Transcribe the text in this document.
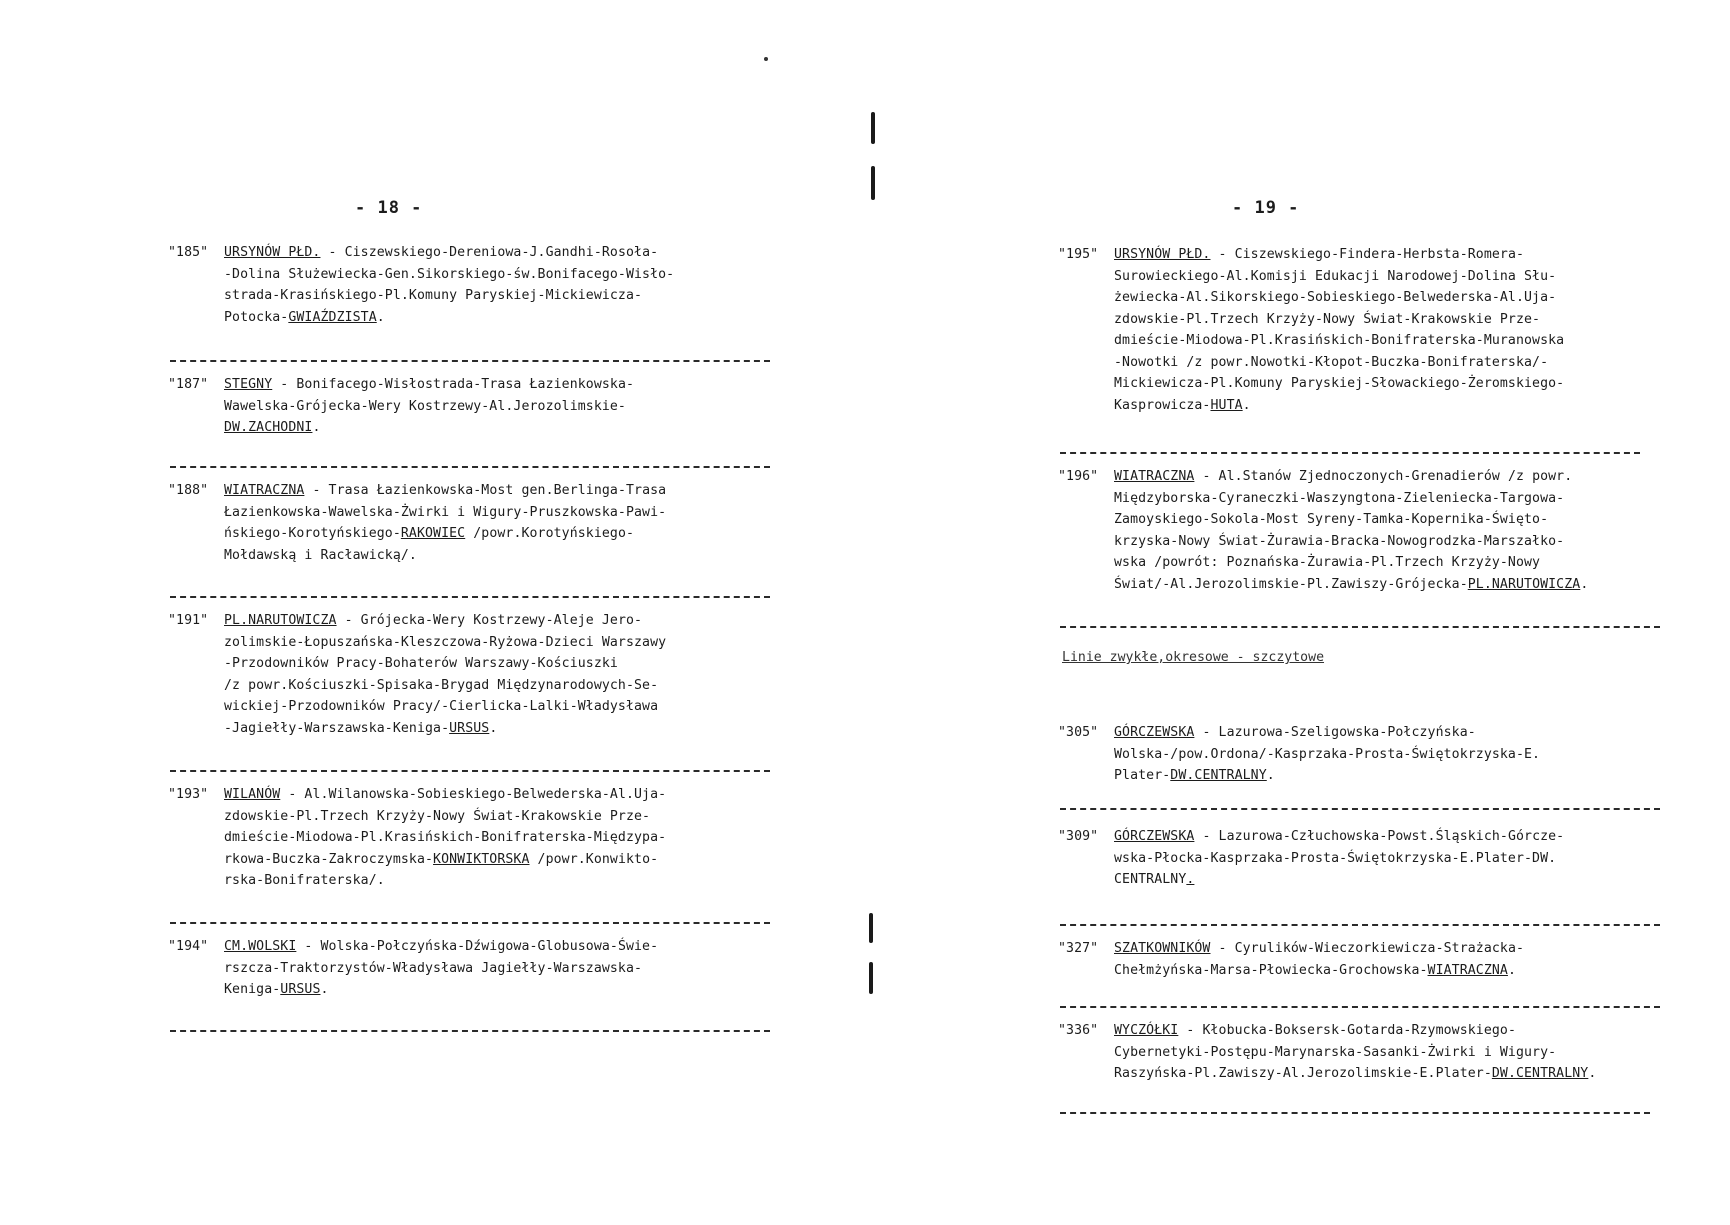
- 18 -
"185" URSYNÓW PŁD. - Ciszewskiego-Dereniowa-J.Gandhi-Rosoła-
-Dolina Służewiecka-Gen.Sikorskiego-św.Bonifacego-Wisło-
strada-Krasińskiego-Pl.Komuny Paryskiej-Mickiewicza-
Potocka-GWIAŹDZISTA.
"187" STEGNY - Bonifacego-Wisłostrada-Trasa Łazienkowska-
Wawelska-Grójecka-Wery Kostrzewy-Al.Jerozolimskie-
DW.ZACHODNI.
"188" WIATRACZNA - Trasa Łazienkowska-Most gen.Berlinga-Trasa
Łazienkowska-Wawelska-Żwirki i Wigury-Pruszkowska-Pawi-
ńskiego-Korotyńskiego-RAKOWIEC /powr.Korotyńskiego-
Mołdawską i Racławicką/.
"191" PL.NARUTOWICZA - Grójecka-Wery Kostrzewy-Aleje Jero-
zolimskie-Łopuszańska-Kleszczowa-Ryżowa-Dzieci Warszawy
-Przodowników Pracy-Bohaterów Warszawy-Kościuszki
/z powr.Kościuszki-Spisaka-Brygad Międzynarodowych-Se-
wickiej-Przodowników Pracy/-Cierlicka-Lalki-Władysława
-Jagiełły-Warszawska-Keniga-URSUS.
"193" WILANÓW - Al.Wilanowska-Sobieskiego-Belwederska-Al.Uja-
zdowskie-Pl.Trzech Krzyży-Nowy Świat-Krakowskie Prze-
dmieście-Miodowa-Pl.Krasińskich-Bonifraterska-Międzypa-
rkowa-Buczka-Zakroczymska-KONWIKTORSKA /powr.Konwikto-
rska-Bonifraterska/.
"194" CM.WOLSKI - Wolska-Połczyńska-Dźwigowa-Globusowa-Świe-
rszcza-Traktorzystów-Władysława Jagiełły-Warszawska-
Keniga-URSUS.
- 19 -
"195" URSYNÓW PŁD. - Ciszewskiego-Findera-Herbsta-Romera-
Surowieckiego-Al.Komisji Edukacji Narodowej-Dolina Słu-
żewiecka-Al.Sikorskiego-Sobieskiego-Belwederska-Al.Uja-
zdowskie-Pl.Trzech Krzyży-Nowy Świat-Krakowskie Prze-
dmieście-Miodowa-Pl.Krasińskich-Bonifraterska-Muranowska
-Nowotki /z powr.Nowotki-Kłopot-Buczka-Bonifraterska/-
Mickiewicza-Pl.Komuny Paryskiej-Słowackiego-Żeromskiego-
Kasprowicza-HUTA.
"196" WIATRACZNA - Al.Stanów Zjednoczonych-Grenadierów /z powr.
Międzyborska-Cyraneczki-Waszyngtona-Zieleniecka-Targowa-
Zamoyskiego-Sokola-Most Syreny-Tamka-Kopernika-Święto-
krzyska-Nowy Świat-Żurawia-Bracka-Nowogrodzka-Marszałko-
wska /powrót: Poznańska-Żurawia-Pl.Trzech Krzyży-Nowy
Świat/-Al.Jerozolimskie-Pl.Zawiszy-Grójecka-PL.NARUTOWICZA.
Linie zwykłe,okresowe - szczytowe
"305" GÓRCZEWSKA - Lazurowa-Szeligowska-Połczyńska-
Wolska-/pow.Ordona/-Kasprzaka-Prosta-Świętokrzyska-E.
Plater-DW.CENTRALNY.
"309" GÓRCZEWSKA - Lazurowa-Człuchowska-Powst.Śląskich-Górcze-
wska-Płocka-Kasprzaka-Prosta-Świętokrzyska-E.Plater-DW.
CENTRALNY.
"327" SZATKOWNIKÓW - Cyrulików-Wieczorkiewicza-Strażacka-
Chełmżyńska-Marsa-Płowiecka-Grochowska-WIATRACZNA.
"336" WYCZÓŁKI - Kłobucka-Boksersk-Gotarda-Rzymowskiego-
Cybernetyki-Postępu-Marynarska-Sasanki-Żwirki i Wigury-
Raszyńska-Pl.Zawiszy-Al.Jerozolimskie-E.Plater-DW.CENTRALNY.
